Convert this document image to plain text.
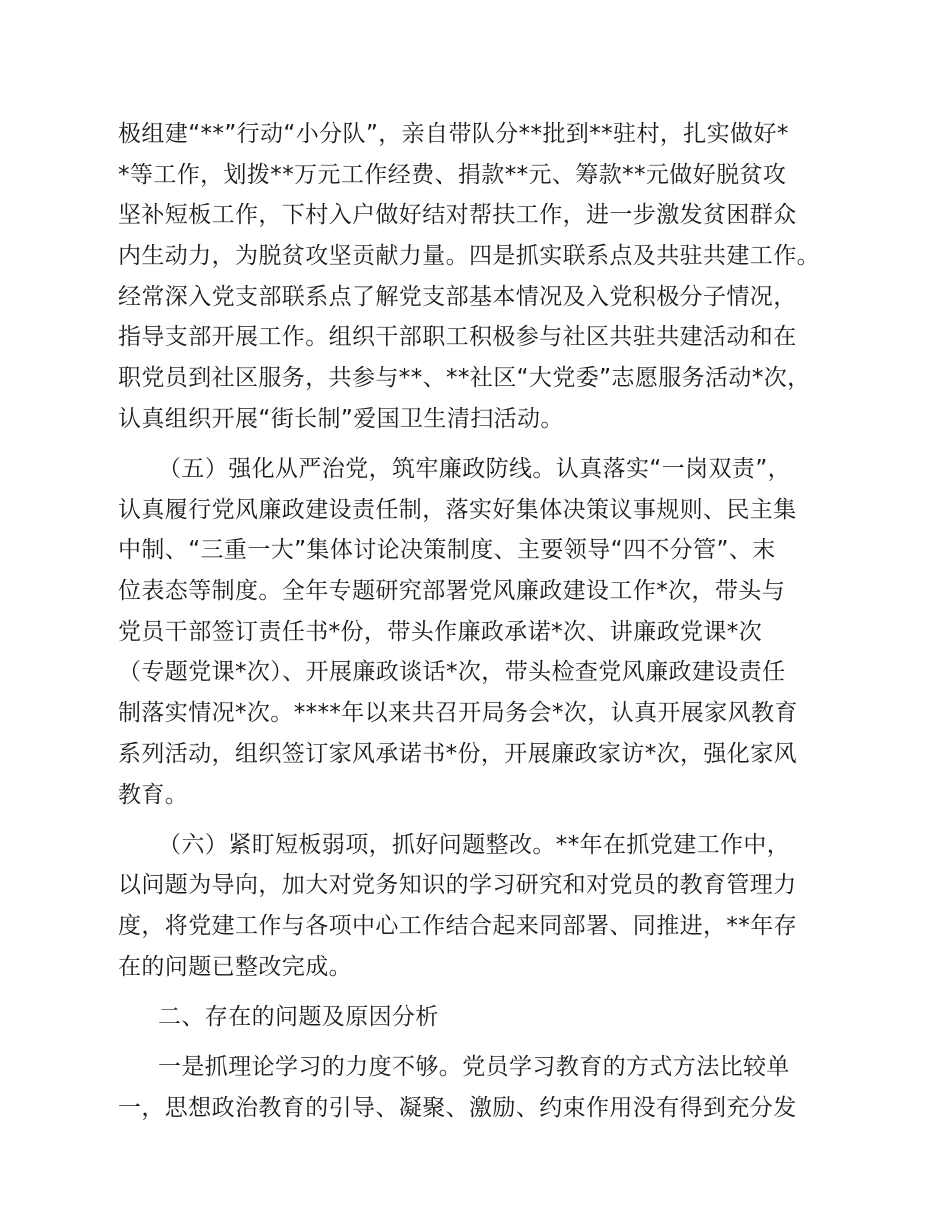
极组建“**”行动“小分队”，亲自带队分**批到**驻村，扎实做好*
*等工作，划拨**万元工作经费、捐款**元、筹款**元做好脱贫攻
坚补短板工作，下村入户做好结对帮扶工作，进一步激发贫困群众
内生动力，为脱贫攻坚贡献力量。四是抓实联系点及共驻共建工作。
经常深入党支部联系点了解党支部基本情况及入党积极分子情况，
指导支部开展工作。组织干部职工积极参与社区共驻共建活动和在
职党员到社区服务，共参与**、**社区“大党委”志愿服务活动*次，
认真组织开展“街长制”爱国卫生清扫活动。
（五）强化从严治党，筑牢廉政防线。认真落实“一岗双责”，
认真履行党风廉政建设责任制，落实好集体决策议事规则、民主集
中制、“三重一大”集体讨论决策制度、主要领导“四不分管”、末
位表态等制度。全年专题研究部署党风廉政建设工作*次，带头与
党员干部签订责任书*份，带头作廉政承诺*次、讲廉政党课*次
（专题党课*次）、开展廉政谈话*次，带头检查党风廉政建设责任
制落实情况*次。****年以来共召开局务会*次，认真开展家风教育
系列活动，组织签订家风承诺书*份，开展廉政家访*次，强化家风
教育。
（六）紧盯短板弱项，抓好问题整改。**年在抓党建工作中，
以问题为导向，加大对党务知识的学习研究和对党员的教育管理力
度，将党建工作与各项中心工作结合起来同部署、同推进，**年存
在的问题已整改完成。
二、存在的问题及原因分析
一是抓理论学习的力度不够。党员学习教育的方式方法比较单
一，思想政治教育的引导、凝聚、激励、约束作用没有得到充分发
